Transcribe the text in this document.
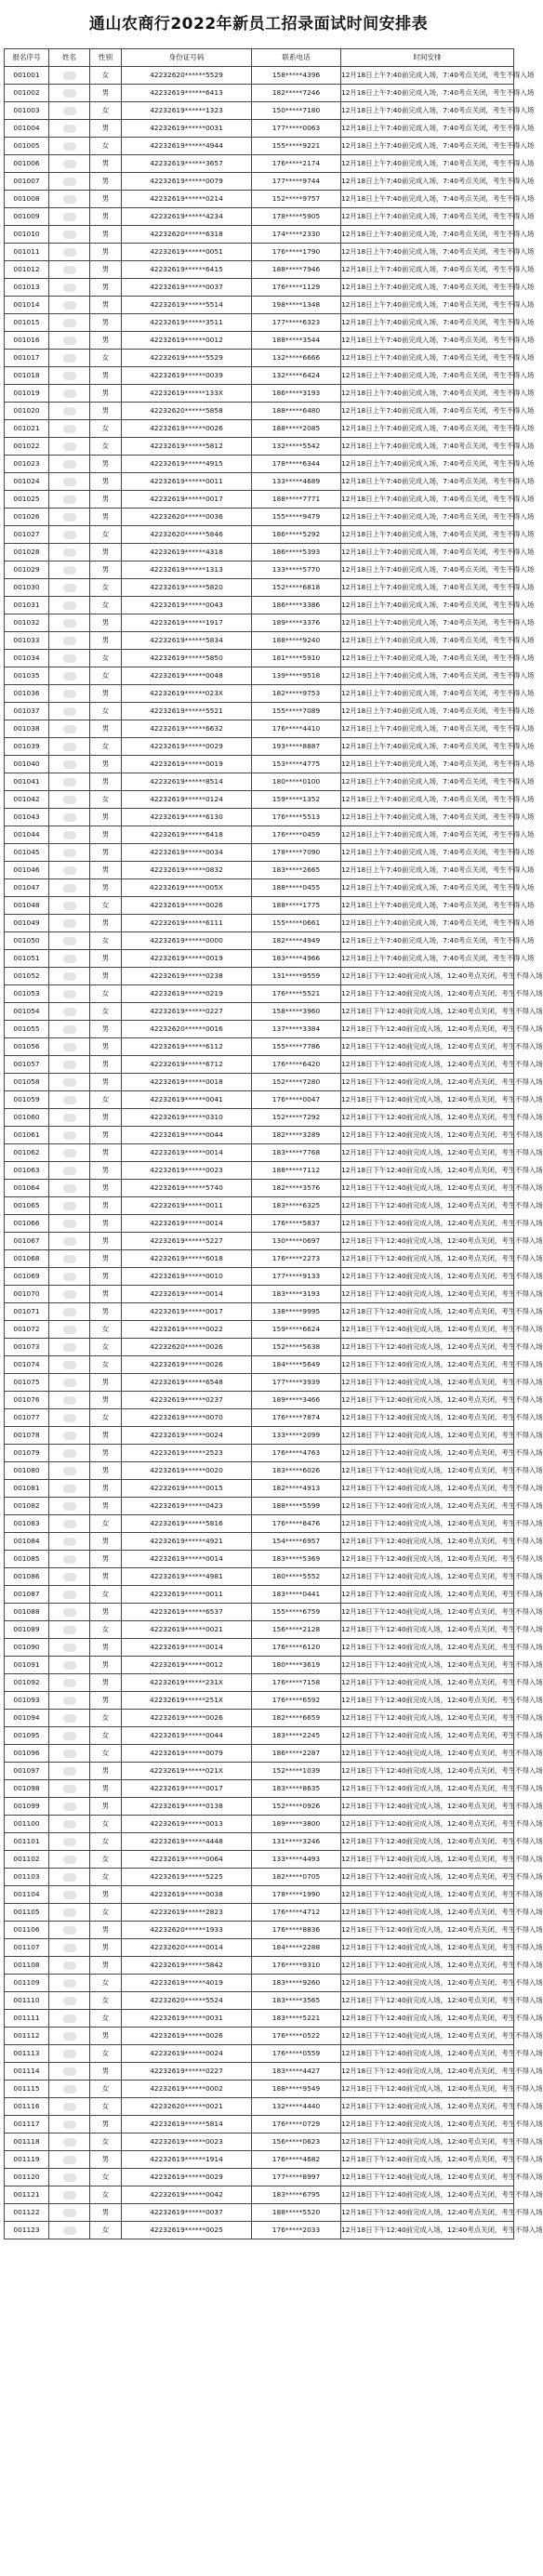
通山农商行2022年新员工招录面试时间安排表
报名序号	姓名	性别	身份证号码	联系电话	时间安排
001001		女	42232620******5529	158*****4396	12月18日上午7:40前完成入场，7:40考点关闭，考生不得入场
001002		男	42232619******6413	182*****7246	12月18日上午7:40前完成入场，7:40考点关闭，考生不得入场
001003		女	42232619******1323	150*****7180	12月18日上午7:40前完成入场，7:40考点关闭，考生不得入场
001004		男	42232619******0031	177*****0063	12月18日上午7:40前完成入场，7:40考点关闭，考生不得入场
001005		女	42232619******4944	155*****9221	12月18日上午7:40前完成入场，7:40考点关闭，考生不得入场
001006		男	42232619******3657	176*****2174	12月18日上午7:40前完成入场，7:40考点关闭，考生不得入场
001007		男	42232619******0079	177*****9744	12月18日上午7:40前完成入场，7:40考点关闭，考生不得入场
001008		男	42232619******0214	152*****9757	12月18日上午7:40前完成入场，7:40考点关闭，考生不得入场
001009		男	42232619******4234	178*****5905	12月18日上午7:40前完成入场，7:40考点关闭，考生不得入场
001010		男	42232620******6318	174*****2330	12月18日上午7:40前完成入场，7:40考点关闭，考生不得入场
001011		男	42232619******0051	176*****1790	12月18日上午7:40前完成入场，7:40考点关闭，考生不得入场
001012		男	42232619******6415	188*****7946	12月18日上午7:40前完成入场，7:40考点关闭，考生不得入场
001013		男	42232619******0037	176*****1129	12月18日上午7:40前完成入场，7:40考点关闭，考生不得入场
001014		男	42232619******5514	198*****1348	12月18日上午7:40前完成入场，7:40考点关闭，考生不得入场
001015		男	42232619******3511	177*****6323	12月18日上午7:40前完成入场，7:40考点关闭，考生不得入场
001016		男	42232619******0012	188*****3544	12月18日上午7:40前完成入场，7:40考点关闭，考生不得入场
001017		女	42232619******5529	132*****6666	12月18日上午7:40前完成入场，7:40考点关闭，考生不得入场
001018		男	42232619******0039	132*****6424	12月18日上午7:40前完成入场，7:40考点关闭，考生不得入场
001019		男	42232619******133X	186*****3193	12月18日上午7:40前完成入场，7:40考点关闭，考生不得入场
001020		男	42232620******5858	188*****6480	12月18日上午7:40前完成入场，7:40考点关闭，考生不得入场
001021		女	42232619******0026	188*****2085	12月18日上午7:40前完成入场，7:40考点关闭，考生不得入场
001022		女	42232619******5812	132*****5542	12月18日上午7:40前完成入场，7:40考点关闭，考生不得入场
001023		男	42232619******4915	178*****6344	12月18日上午7:40前完成入场，7:40考点关闭，考生不得入场
001024		男	42232619******0011	133*****4689	12月18日上午7:40前完成入场，7:40考点关闭，考生不得入场
001025		男	42232619******0017	188*****7771	12月18日上午7:40前完成入场，7:40考点关闭，考生不得入场
001026		男	42232620******0036	155*****9479	12月18日上午7:40前完成入场，7:40考点关闭，考生不得入场
001027		女	42232620******5846	186*****5292	12月18日上午7:40前完成入场，7:40考点关闭，考生不得入场
001028		男	42232619******4318	186*****5393	12月18日上午7:40前完成入场，7:40考点关闭，考生不得入场
001029		男	42232619******1313	133*****5770	12月18日上午7:40前完成入场，7:40考点关闭，考生不得入场
001030		女	42232619******5820	152*****6818	12月18日上午7:40前完成入场，7:40考点关闭，考生不得入场
001031		女	42232619******0043	186*****3386	12月18日上午7:40前完成入场，7:40考点关闭，考生不得入场
001032		男	42232619******1917	189*****3376	12月18日上午7:40前完成入场，7:40考点关闭，考生不得入场
001033		男	42232619******5834	188*****9240	12月18日上午7:40前完成入场，7:40考点关闭，考生不得入场
001034		女	42232619******5850	181*****5910	12月18日上午7:40前完成入场，7:40考点关闭，考生不得入场
001035		女	42232619******0048	139*****9518	12月18日上午7:40前完成入场，7:40考点关闭，考生不得入场
001036		男	42232619******023X	182*****9753	12月18日上午7:40前完成入场，7:40考点关闭，考生不得入场
001037		女	42232619******5521	155*****7089	12月18日上午7:40前完成入场，7:40考点关闭，考生不得入场
001038		男	42232619******6632	176*****4410	12月18日上午7:40前完成入场，7:40考点关闭，考生不得入场
001039		女	42232619******0029	193*****8887	12月18日上午7:40前完成入场，7:40考点关闭，考生不得入场
001040		男	42232619******0019	153*****4775	12月18日上午7:40前完成入场，7:40考点关闭，考生不得入场
001041		男	42232619******8514	180*****0100	12月18日上午7:40前完成入场，7:40考点关闭，考生不得入场
001042		女	42232619******0124	159*****1352	12月18日上午7:40前完成入场，7:40考点关闭，考生不得入场
001043		男	42232619******6130	176*****5513	12月18日上午7:40前完成入场，7:40考点关闭，考生不得入场
001044		男	42232619******6418	176*****0459	12月18日上午7:40前完成入场，7:40考点关闭，考生不得入场
001045		男	42232619******0034	178*****7090	12月18日上午7:40前完成入场，7:40考点关闭，考生不得入场
001046		男	42232619******0832	183*****2665	12月18日上午7:40前完成入场，7:40考点关闭，考生不得入场
001047		男	42232619******005X	188*****0455	12月18日上午7:40前完成入场，7:40考点关闭，考生不得入场
001048		女	42232619******0026	188*****1775	12月18日上午7:40前完成入场，7:40考点关闭，考生不得入场
001049		男	42232619******6111	155*****0661	12月18日上午7:40前完成入场，7:40考点关闭，考生不得入场
001050		女	42232619******0000	182*****4949	12月18日上午7:40前完成入场，7:40考点关闭，考生不得入场
001051		男	42232619******0019	183*****4966	12月18日上午7:40前完成入场，7:40考点关闭，考生不得入场
001052		男	42232619******0238	131*****9559	12月18日下午12:40前完成入场，12:40考点关闭，考生不得入场
001053		女	42232619******0219	176*****5521	12月18日下午12:40前完成入场，12:40考点关闭，考生不得入场
001054		女	42232619******0227	158*****3960	12月18日下午12:40前完成入场，12:40考点关闭，考生不得入场
001055		男	42232620******0016	137*****3384	12月18日下午12:40前完成入场，12:40考点关闭，考生不得入场
001056		男	42232619******6112	155*****7786	12月18日下午12:40前完成入场，12:40考点关闭，考生不得入场
001057		男	42232619******6712	176*****6420	12月18日下午12:40前完成入场，12:40考点关闭，考生不得入场
001058		男	42232619******0018	152*****7280	12月18日下午12:40前完成入场，12:40考点关闭，考生不得入场
001059		女	42232619******0041	176*****0047	12月18日下午12:40前完成入场，12:40考点关闭，考生不得入场
001060		男	42232619******0310	152*****7292	12月18日下午12:40前完成入场，12:40考点关闭，考生不得入场
001061		男	42232619******0044	182*****3289	12月18日下午12:40前完成入场，12:40考点关闭，考生不得入场
001062		男	42232619******0014	183*****7768	12月18日下午12:40前完成入场，12:40考点关闭，考生不得入场
001063		男	42232619******0023	188*****7112	12月18日下午12:40前完成入场，12:40考点关闭，考生不得入场
001064		男	42232619******5740	182*****3576	12月18日下午12:40前完成入场，12:40考点关闭，考生不得入场
001065		男	42232619******0011	183*****6325	12月18日下午12:40前完成入场，12:40考点关闭，考生不得入场
001066		男	42232619******0014	176*****5837	12月18日下午12:40前完成入场，12:40考点关闭，考生不得入场
001067		男	42232619******5227	130*****0697	12月18日下午12:40前完成入场，12:40考点关闭，考生不得入场
001068		男	42232619******6018	176*****2273	12月18日下午12:40前完成入场，12:40考点关闭，考生不得入场
001069		男	42232619******0010	177*****9133	12月18日下午12:40前完成入场，12:40考点关闭，考生不得入场
001070		男	42232619******0014	183*****3193	12月18日下午12:40前完成入场，12:40考点关闭，考生不得入场
001071		男	42232619******0017	138*****9995	12月18日下午12:40前完成入场，12:40考点关闭，考生不得入场
001072		女	42232619******0022	159*****6624	12月18日下午12:40前完成入场，12:40考点关闭，考生不得入场
001073		女	42232620******0026	152*****5638	12月18日下午12:40前完成入场，12:40考点关闭，考生不得入场
001074		女	42232619******0026	184*****5649	12月18日下午12:40前完成入场，12:40考点关闭，考生不得入场
001075		男	42232619******6548	177*****3939	12月18日下午12:40前完成入场，12:40考点关闭，考生不得入场
001076		男	42232619******0237	189*****3466	12月18日下午12:40前完成入场，12:40考点关闭，考生不得入场
001077		女	42232619******0070	176*****7874	12月18日下午12:40前完成入场，12:40考点关闭，考生不得入场
001078		男	42232619******0024	133*****2099	12月18日下午12:40前完成入场，12:40考点关闭，考生不得入场
001079		男	42232619******2523	176*****4763	12月18日下午12:40前完成入场，12:40考点关闭，考生不得入场
001080		男	42232619******0020	183*****6026	12月18日下午12:40前完成入场，12:40考点关闭，考生不得入场
001081		男	42232619******0015	182*****4913	12月18日下午12:40前完成入场，12:40考点关闭，考生不得入场
001082		男	42232619******0423	188*****5599	12月18日下午12:40前完成入场，12:40考点关闭，考生不得入场
001083		女	42232619******5816	176*****8476	12月18日下午12:40前完成入场，12:40考点关闭，考生不得入场
001084		男	42232619******4921	154*****6957	12月18日下午12:40前完成入场，12:40考点关闭，考生不得入场
001085		男	42232619******0014	183*****5369	12月18日下午12:40前完成入场，12:40考点关闭，考生不得入场
001086		男	42232619******4981	180*****5552	12月18日下午12:40前完成入场，12:40考点关闭，考生不得入场
001087		女	42232619******0011	183*****0441	12月18日下午12:40前完成入场，12:40考点关闭，考生不得入场
001088		男	42232619******6537	155*****6759	12月18日下午12:40前完成入场，12:40考点关闭，考生不得入场
001089		女	42232619******0021	156*****2128	12月18日下午12:40前完成入场，12:40考点关闭，考生不得入场
001090		男	42232619******0014	176*****6120	12月18日下午12:40前完成入场，12:40考点关闭，考生不得入场
001091		男	42232619******0012	180*****3619	12月18日下午12:40前完成入场，12:40考点关闭，考生不得入场
001092		男	42232619******231X	176*****7158	12月18日下午12:40前完成入场，12:40考点关闭，考生不得入场
001093		男	42232619******251X	176*****6592	12月18日下午12:40前完成入场，12:40考点关闭，考生不得入场
001094		女	42232619******0026	182*****6659	12月18日下午12:40前完成入场，12:40考点关闭，考生不得入场
001095		女	42232619******0044	183*****2245	12月18日下午12:40前完成入场，12:40考点关闭，考生不得入场
001096		女	42232619******0079	186*****2287	12月18日下午12:40前完成入场，12:40考点关闭，考生不得入场
001097		男	42232619******021X	152*****1039	12月18日下午12:40前完成入场，12:40考点关闭，考生不得入场
001098		男	42232619******0017	183*****8635	12月18日下午12:40前完成入场，12:40考点关闭，考生不得入场
001099		男	42232619******0138	152*****0926	12月18日下午12:40前完成入场，12:40考点关闭，考生不得入场
001100		女	42232619******0013	189*****3800	12月18日下午12:40前完成入场，12:40考点关闭，考生不得入场
001101		女	42232619******4448	131*****3246	12月18日下午12:40前完成入场，12:40考点关闭，考生不得入场
001102		女	42232619******0064	133*****4493	12月18日下午12:40前完成入场，12:40考点关闭，考生不得入场
001103		女	42232619******5225	182*****0705	12月18日下午12:40前完成入场，12:40考点关闭，考生不得入场
001104		男	42232619******0038	178*****1990	12月18日下午12:40前完成入场，12:40考点关闭，考生不得入场
001105		女	42232619******2823	176*****4712	12月18日下午12:40前完成入场，12:40考点关闭，考生不得入场
001106		男	42232620******1933	176*****8836	12月18日下午12:40前完成入场，12:40考点关闭，考生不得入场
001107		男	42232620******0014	184*****2288	12月18日下午12:40前完成入场，12:40考点关闭，考生不得入场
001108		男	42232619******5842	176*****9310	12月18日下午12:40前完成入场，12:40考点关闭，考生不得入场
001109		女	42232619******4019	183*****9260	12月18日下午12:40前完成入场，12:40考点关闭，考生不得入场
001110		女	42232620******5524	183*****3565	12月18日下午12:40前完成入场，12:40考点关闭，考生不得入场
001111		女	42232619******0031	183*****5221	12月18日下午12:40前完成入场，12:40考点关闭，考生不得入场
001112		男	42232619******0026	176*****0522	12月18日下午12:40前完成入场，12:40考点关闭，考生不得入场
001113		女	42232619******0024	176*****0559	12月18日下午12:40前完成入场，12:40考点关闭，考生不得入场
001114		男	42232619******0227	183*****4427	12月18日下午12:40前完成入场，12:40考点关闭，考生不得入场
001115		女	42232619******0002	188*****9549	12月18日下午12:40前完成入场，12:40考点关闭，考生不得入场
001116		女	42232620******0021	132*****4440	12月18日下午12:40前完成入场，12:40考点关闭，考生不得入场
001117		男	42232619******5814	176*****0729	12月18日下午12:40前完成入场，12:40考点关闭，考生不得入场
001118		女	42232619******0023	156*****0623	12月18日下午12:40前完成入场，12:40考点关闭，考生不得入场
001119		男	42232619******1914	176*****4682	12月18日下午12:40前完成入场，12:40考点关闭，考生不得入场
001120		女	42232619******0029	177*****8997	12月18日下午12:40前完成入场，12:40考点关闭，考生不得入场
001121		女	42232619******0042	183*****6795	12月18日下午12:40前完成入场，12:40考点关闭，考生不得入场
001122		男	42232619******0037	188*****5520	12月18日下午12:40前完成入场，12:40考点关闭，考生不得入场
001123		女	42232619******0025	176*****2033	12月18日下午12:40前完成入场，12:40考点关闭，考生不得入场
